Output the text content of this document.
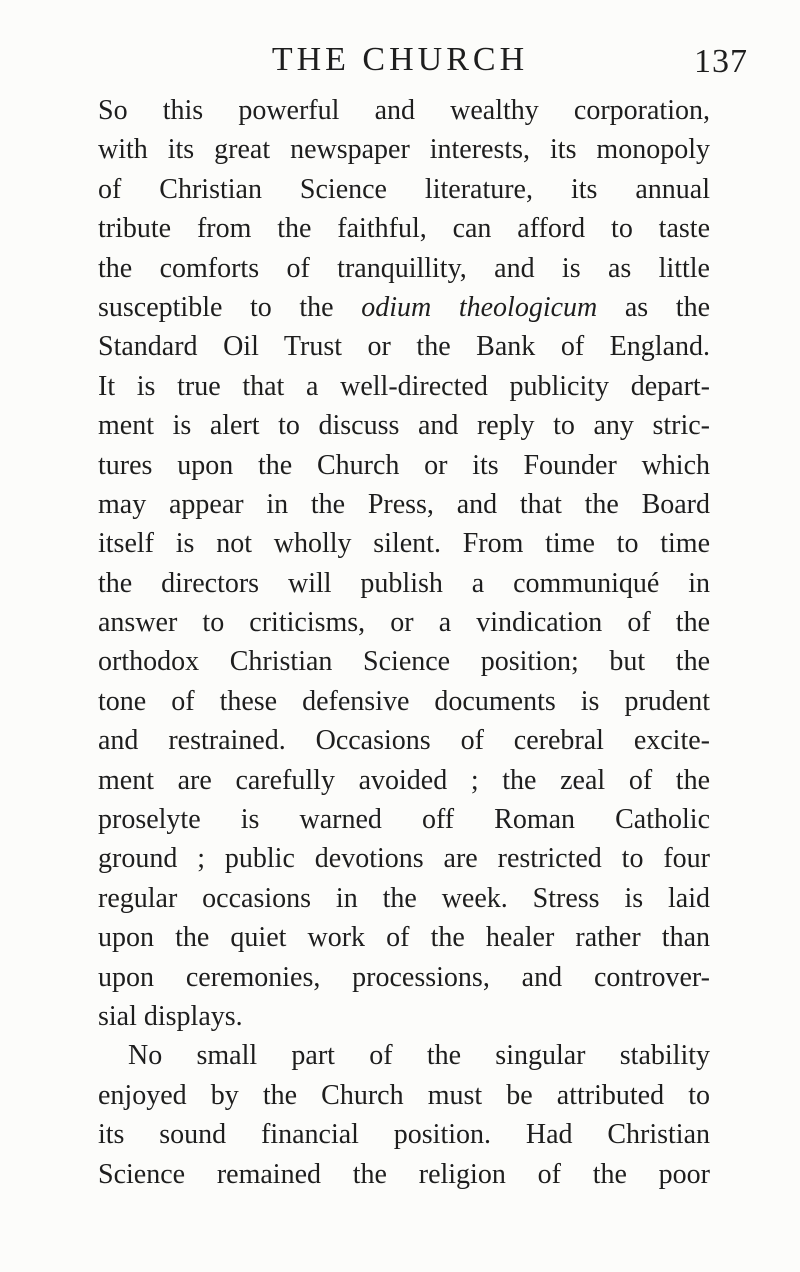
THE CHURCH	137
So this powerful and wealthy corporation,
with its great newspaper interests, its monopoly
of Christian Science literature, its annual
tribute from the faithful, can afford to taste
the comforts of tranquillity, and is as little
susceptible to the odium theologicum as the
Standard Oil Trust or the Bank of England.
It is true that a well-directed publicity depart-
ment is alert to discuss and reply to any stric-
tures upon the Church or its Founder which
may appear in the Press, and that the Board
itself is not wholly silent. From time to time
the directors will publish a communiqué in
answer to criticisms, or a vindication of the
orthodox Christian Science position; but the
tone of these defensive documents is prudent
and restrained. Occasions of cerebral excite-
ment are carefully avoided ; the zeal of the
proselyte is warned off Roman Catholic
ground ; public devotions are restricted to four
regular occasions in the week. Stress is laid
upon the quiet work of the healer rather than
upon ceremonies, processions, and controver-
sial displays.
No small part of the singular stability
enjoyed by the Church must be attributed to
its sound financial position. Had Christian
Science remained the religion of the poor
